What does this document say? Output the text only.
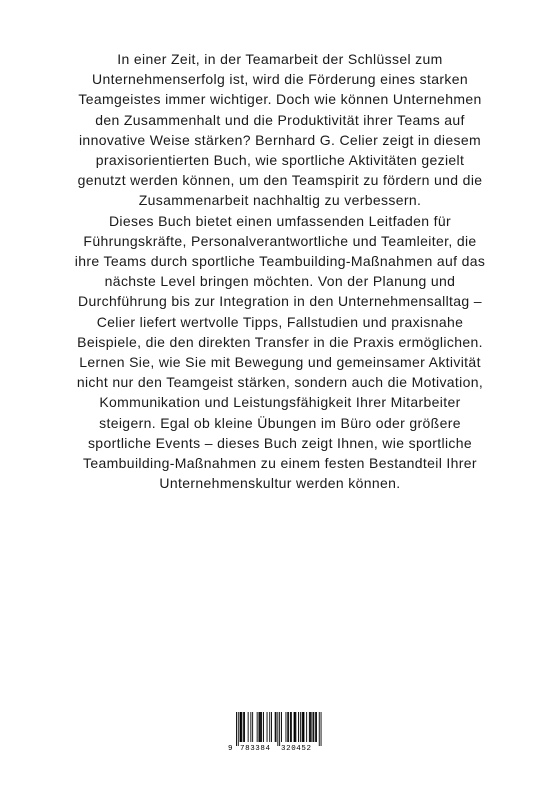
In einer Zeit, in der Teamarbeit der Schlüssel zum Unternehmenserfolg ist, wird die Förderung eines starken Teamgeistes immer wichtiger. Doch wie können Unternehmen den Zusammenhalt und die Produktivität ihrer Teams auf innovative Weise stärken? Bernhard G. Celier zeigt in diesem praxisorientierten Buch, wie sportliche Aktivitäten gezielt genutzt werden können, um den Teamspirit zu fördern und die Zusammenarbeit nachhaltig zu verbessern.

Dieses Buch bietet einen umfassenden Leitfaden für Führungskräfte, Personalverantwortliche und Teamleiter, die ihre Teams durch sportliche Teambuilding-Maßnahmen auf das nächste Level bringen möchten. Von der Planung und Durchführung bis zur Integration in den Unternehmensalltag – Celier liefert wertvolle Tipps, Fallstudien und praxisnahe Beispiele, die den direkten Transfer in die Praxis ermöglichen.

Lernen Sie, wie Sie mit Bewegung und gemeinsamer Aktivität nicht nur den Teamgeist stärken, sondern auch die Motivation, Kommunikation und Leistungsfähigkeit Ihrer Mitarbeiter steigern. Egal ob kleine Übungen im Büro oder größere sportliche Events – dieses Buch zeigt Ihnen, wie sportliche Teambuilding-Maßnahmen zu einem festen Bestandteil Ihrer Unternehmenskultur werden können.

9 783384 320452
